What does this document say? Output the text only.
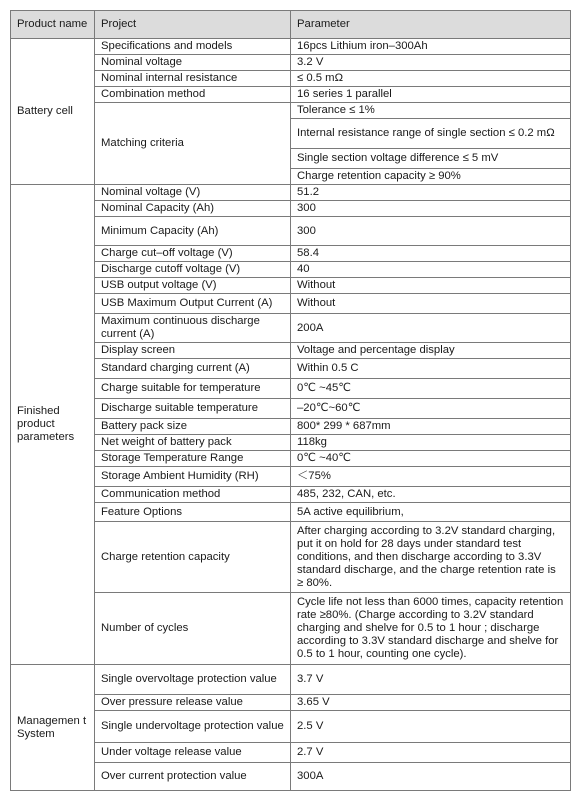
Product name	Project	Parameter
Battery cell	Specifications and models	16pcs Lithium iron–300Ah
	Nominal voltage	3.2 V
	Nominal internal resistance	≤ 0.5 mΩ
	Combination method	16 series 1 parallel
	Matching criteria	Tolerance ≤ 1%
		Internal resistance range of single section ≤ 0.2 mΩ
		Single section voltage difference ≤ 5 mV
		Charge retention capacity ≥ 90%
Finished product parameters	Nominal voltage (V)	51.2
	Nominal Capacity (Ah)	300
	Minimum Capacity (Ah)	300
	Charge cut–off voltage (V)	58.4
	Discharge cutoff voltage (V)	40
	USB output voltage (V)	Without
	USB Maximum Output Current (A)	Without
	Maximum continuous discharge current (A)	200A
	Display screen	Voltage and percentage display
	Standard charging current (A)	Within 0.5 C
	Charge suitable for temperature	0℃ ~45℃
	Discharge suitable temperature	–20℃~60℃
	Battery pack size	800* 299 * 687mm
	Net weight of battery pack	118kg
	Storage Temperature Range	0℃ ~40℃
	Storage Ambient Humidity (RH)	＜75%
	Communication method	485, 232, CAN, etc.
	Feature Options	5A active equilibrium,
	Charge retention capacity	After charging according to 3.2V standard charging, put it on hold for 28 days under standard test conditions, and then discharge according to 3.3V standard discharge, and the charge retention rate is ≥ 80%.
	Number of cycles	Cycle life not less than 6000 times, capacity retention rate ≥80%. (Charge according to 3.2V standard charging and shelve for 0.5 to 1 hour ; discharge according to 3.3V standard discharge and shelve for 0.5 to 1 hour, counting one cycle).
Managemen t System	Single overvoltage protection value	3.7 V
	Over pressure release value	3.65 V
	Single undervoltage protection value	2.5 V
	Under voltage release value	2.7 V
	Over current protection value	300A
